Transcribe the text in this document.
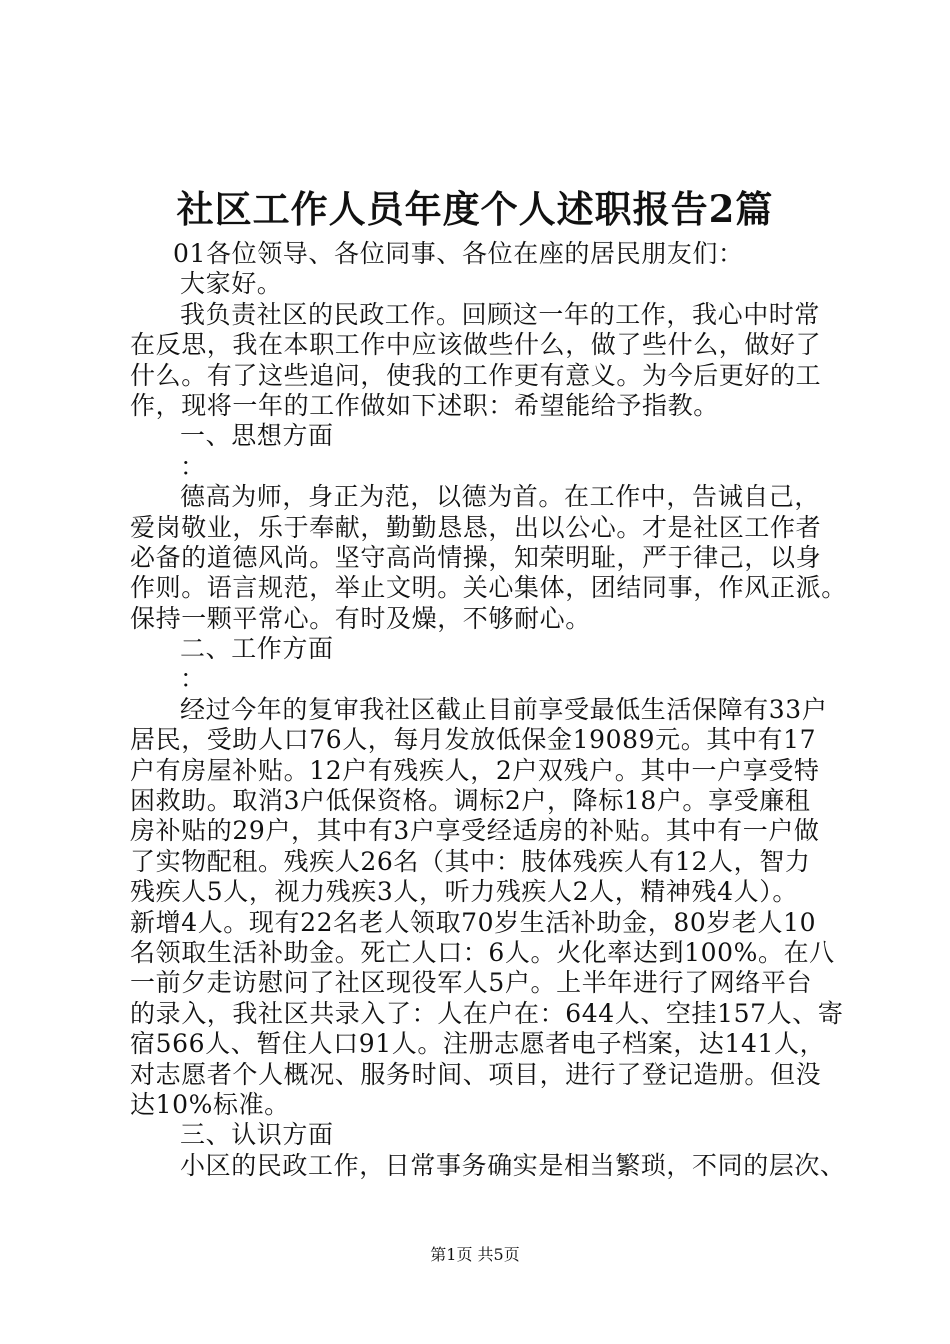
社区工作人员年度个人述职报告2篇
01各位领导、各位同事、各位在座的居民朋友们：
大家好。
我负责社区的民政工作。回顾这一年的工作，我心中时常
在反思，我在本职工作中应该做些什么，做了些什么，做好了
什么。有了这些追问，使我的工作更有意义。为今后更好的工
作，现将一年的工作做如下述职：希望能给予指教。
一、思想方面
：
德高为师，身正为范，以德为首。在工作中，告诫自己，
爱岗敬业，乐于奉献，勤勤恳恳，出以公心。才是社区工作者
必备的道德风尚。坚守高尚情操，知荣明耻，严于律己，以身
作则。语言规范，举止文明。关心集体，团结同事，作风正派。
保持一颗平常心。有时及燥，不够耐心。
二、工作方面
：
经过今年的复审我社区截止目前享受最低生活保障有33户
居民，受助人口76人，每月发放低保金19089元。其中有17
户有房屋补贴。12户有残疾人，2户双残户。其中一户享受特
困救助。取消3户低保资格。调标2户，降标18户。享受廉租
房补贴的29户，其中有3户享受经适房的补贴。其中有一户做
了实物配租。残疾人26名（其中：肢体残疾人有12人，智力
残疾人5人，视力残疾3人，听力残疾人2人，精神残4人）。
新增4人。现有22名老人领取70岁生活补助金，80岁老人10
名领取生活补助金。死亡人口：6人。火化率达到100%。在八
一前夕走访慰问了社区现役军人5户。上半年进行了网络平台
的录入，我社区共录入了：人在户在：644人、空挂157人、寄
宿566人、暂住人口91人。注册志愿者电子档案，达141人，
对志愿者个人概况、服务时间、项目，进行了登记造册。但没
达10%标准。
三、认识方面
小区的民政工作，日常事务确实是相当繁琐，不同的层次、
第1页 共5页
